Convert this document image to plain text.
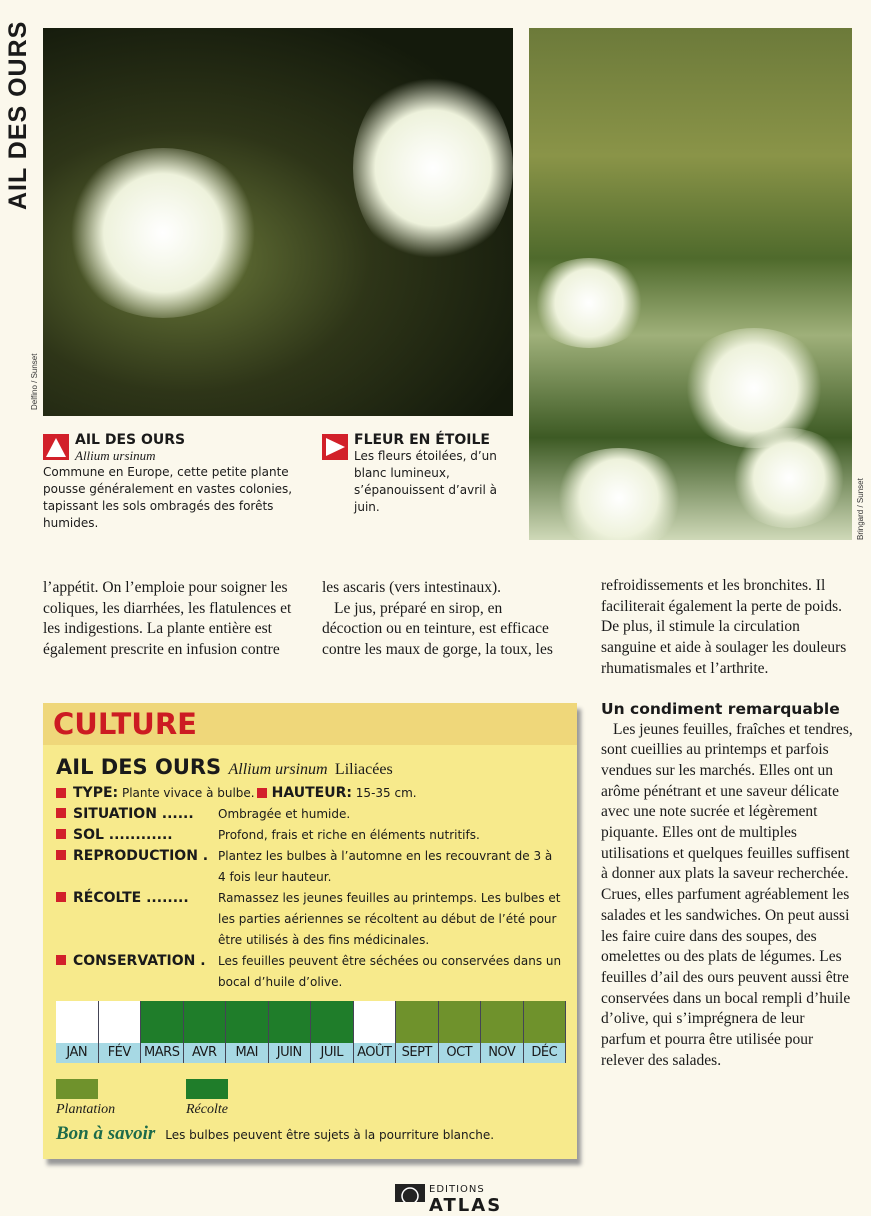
AIL DES OURS
Delfino / Sunset
Bringard / Sunset
AIL DES OURS
Allium ursinum

Commune en Europe, cette petite plante pousse généralement en vastes colonies, tapissant les sols ombragés des forêts humides.

FLEUR EN ÉTOILE

Les fleurs étoilées, d’un blanc lumineux, s’épanouissent d’avril à juin.

l’appétit. On l’emploie pour soigner les coliques, les diarrhées, les flatulences et les indigestions. La plante entière est également prescrite en infusion contre
les ascaris (vers intestinaux).
Le jus, préparé en sirop, en décoction ou en teinture, est efficace contre les maux de gorge, la toux, les
refroidissements et les bronchites. Il faciliterait également la perte de poids. De plus, il stimule la circulation sanguine et aide à soulager les douleurs rhumatismales et l’arthrite.
Un condiment remarquable
Les jeunes feuilles, fraîches et tendres, sont cueillies au printemps et parfois vendues sur les marchés. Elles ont un arôme pénétrant et une saveur délicate avec une note sucrée et légèrement piquante. Elles ont de multiples utilisations et quelques feuilles suffisent à donner aux plats la saveur recherchée. Crues, elles parfument agréablement les salades et les sandwiches. On peut aussi les faire cuire dans des soupes, des omelettes ou des plats de légumes. Les feuilles d’ail des ours peuvent aussi être conservées dans un bocal rempli d’huile d’olive, qui s’imprégnera de leur parfum et pourra être utilisée pour relever des salades.
CULTURE
AIL DES OURS Allium ursinum Liliacées
TYPE:
Plante vivace à bulbe. HAUTEUR:
15-35 cm.
SITUATION ......	Ombragée et humide.
SOL ............	Profond, frais et riche en éléments nutritifs.
REPRODUCTION . Plantez les bulbes à l’automne en les recouvrant de 3 à 4 fois leur hauteur.
RÉCOLTE ........	Ramassez les jeunes feuilles au printemps. Les bulbes et les parties aériennes se récoltent au début de l’été pour être utilisés à des fins médicinales.
CONSERVATION .	Les feuilles peuvent être séchées ou conservées dans un bocal d’huile d’olive.
JAN	FÉV	MARS AVR	MAI	JUIN	JUIL	AOÛT SEPT	OCT	NOV	DÉC
Plantation	Récolte
Bon à savoir Les bulbes peuvent être sujets à la pourriture blanche.
EDITIONS
ATLAS
